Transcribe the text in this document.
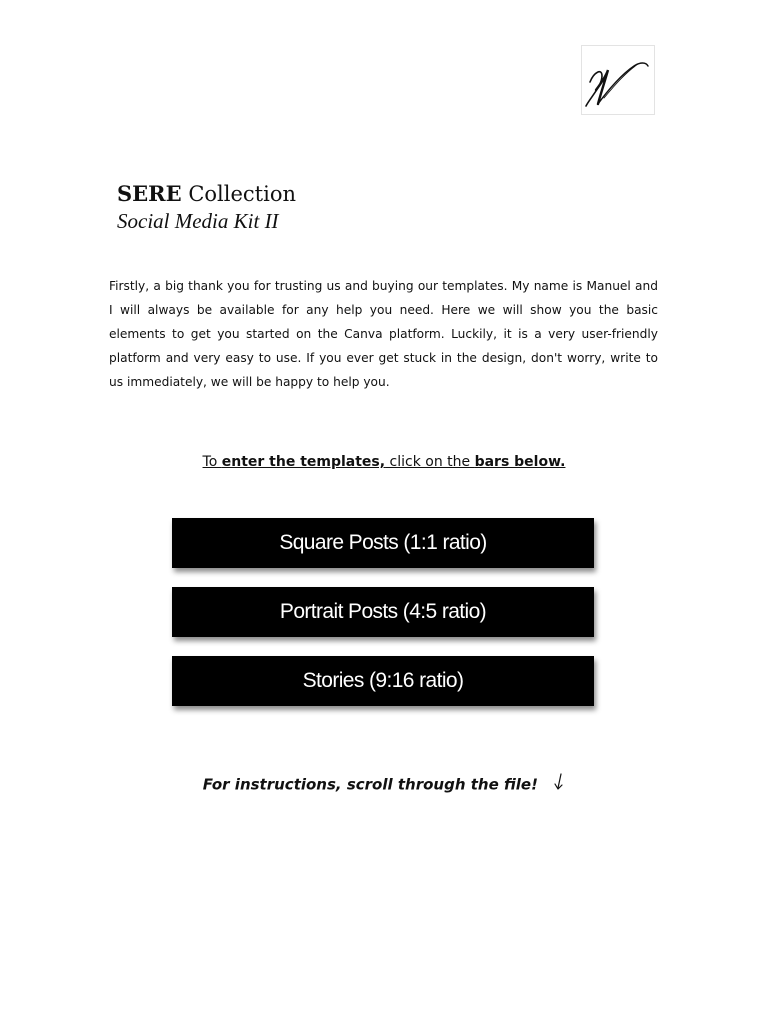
SERE Collection
Social Media Kit II
Firstly, a big thank you for trusting us and buying our templates. My name is Manuel and I will always be available for any help you need. Here we will show you the basic elements to get you started on the Canva platform. Luckily, it is a very user-friendly platform and very easy to use. If you ever get stuck in the design, don't worry, write to us immediately, we will be happy to help you.
To enter the templates, click on the bars below.
Square Posts (1:1 ratio)
Portrait Posts (4:5 ratio)
Stories (9:16 ratio)
For instructions, scroll through the file!
